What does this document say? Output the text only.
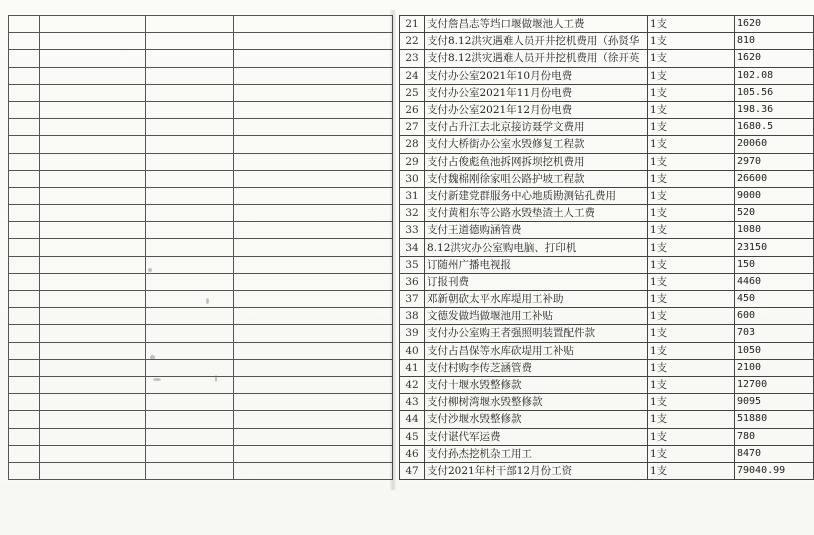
21	支付詹昌志等垱口堰做堰池人工费	1支	1620
22	支付8.12洪灾遇难人员开井挖机费用（孙贤华	1支	810
23	支付8.12洪灾遇难人员开井挖机费用（徐开英	1支	1620
24	支付办公室2021年10月份电费	1支	102.08
25	支付办公室2021年11月份电费	1支	105.56
26	支付办公室2021年12月份电费	1支	198.36
27	支付占升江去北京接访聂学文费用	1支	1680.5
28	支付大桥街办公室水毁修复工程款	1支	20060
29	支付占俊彪鱼池拆网拆坝挖机费用	1支	2970
30	支付魏棉刚徐家咀公路护坡工程款	1支	26600
31	支付新建党群服务中心地质勘测钻孔费用	1支	9000
32	支付黄相东等公路水毁垫渣土人工费	1支	520
33	支付王道德购涵管费	1支	1080
34	8.12洪灾办公室购电脑、打印机	1支	23150
35	订随州广播电视报	1支	150
36	订报刊费	1支	4460
37	邓新朝砍太平水库堤用工补助	1支	450
38	文德发做垱做堰池用工补贴	1支	600
39	支付办公室购王者强照明装置配件款	1支	703
40	支付占昌保等水库砍堤用工补贴	1支	1050
41	支付村购李传芝涵管费	1支	2100
42	支付十堰水毁整修款	1支	12700
43	支付柳树湾堰水毁整修款	1支	9095
44	支付沙堰水毁整修款	1支	51880
45	支付谌代军运费	1支	780
46	支付孙杰挖机杂工用工	1支	8470
47	支付2021年村干部12月份工资	1支	79040.99
